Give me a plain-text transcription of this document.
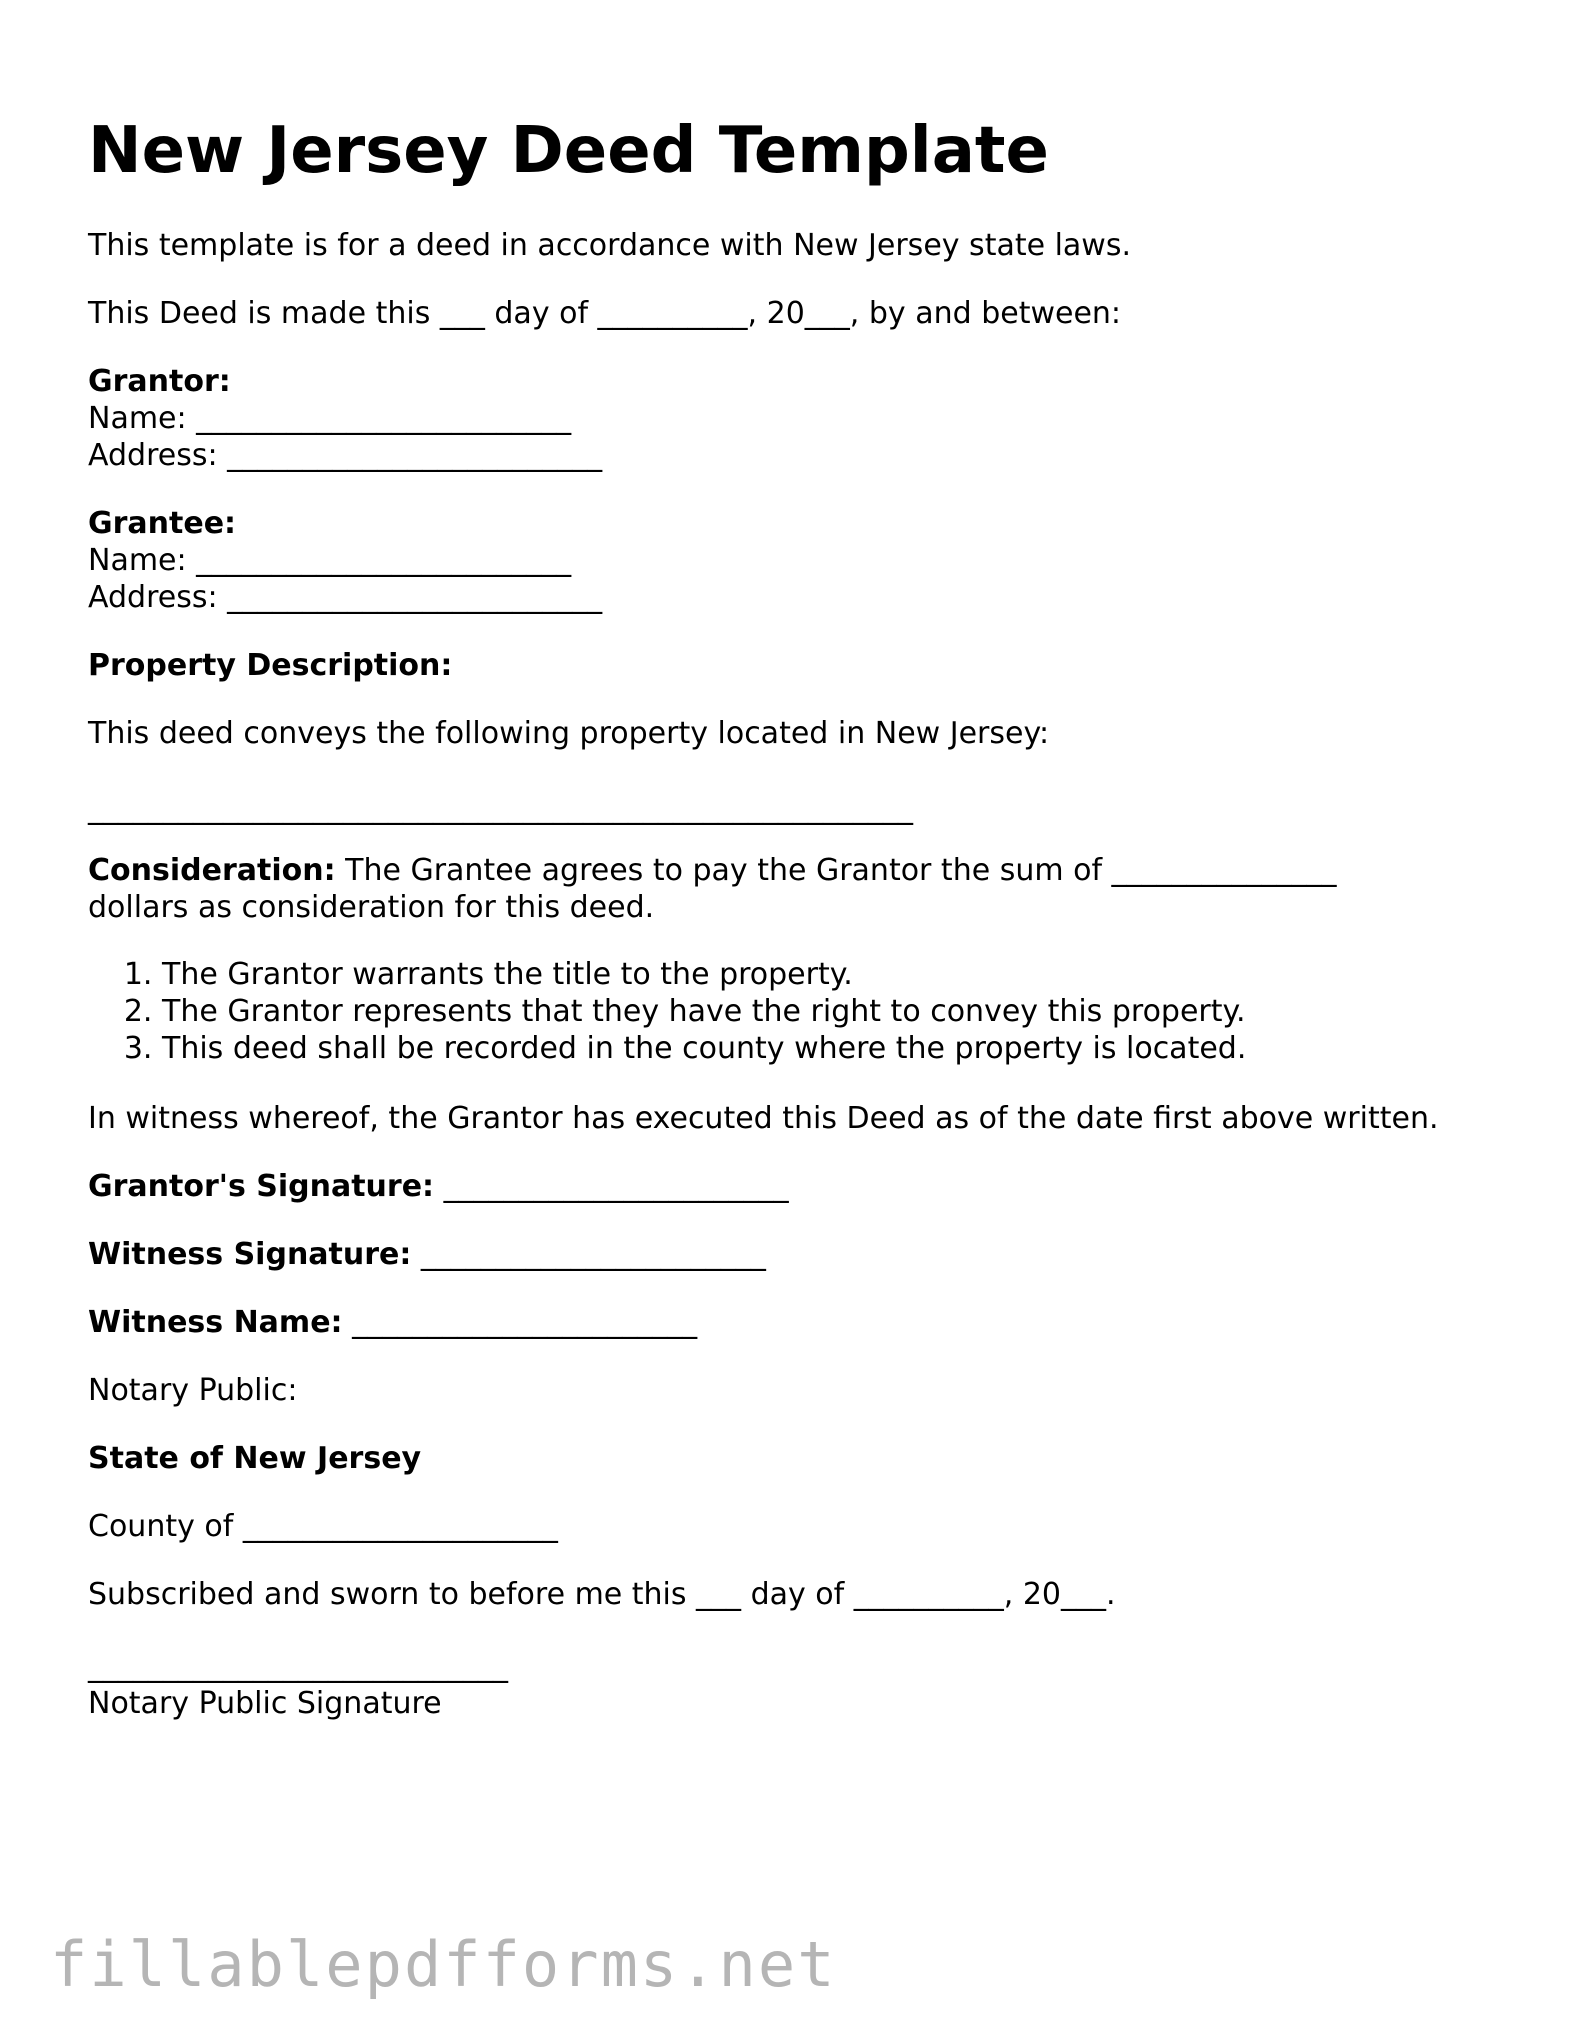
New Jersey Deed Template

This template is for a deed in accordance with New Jersey state laws.

This Deed is made this ___ day of __________, 20___, by and between:

Grantor:

Name: _________________________

Address: _________________________

Grantee:

Name: _________________________

Address: _________________________

Property Description:

This deed conveys the following property located in New Jersey:

_______________________________________________________

Consideration: The Grantee agrees to pay the Grantor the sum of _______________

dollars as consideration for this deed.

1. The Grantor warrants the title to the property.
2. The Grantor represents that they have the right to convey this property.
3. This deed shall be recorded in the county where the property is located.

In witness whereof, the Grantor has executed this Deed as of the date first above written.

Grantor's Signature: _______________________

Witness Signature: _______________________

Witness Name: _______________________

Notary Public:

State of New Jersey

County of _____________________

Subscribed and sworn to before me this ___ day of __________, 20___.

____________________________

Notary Public Signature

fillablepdfforms.net
